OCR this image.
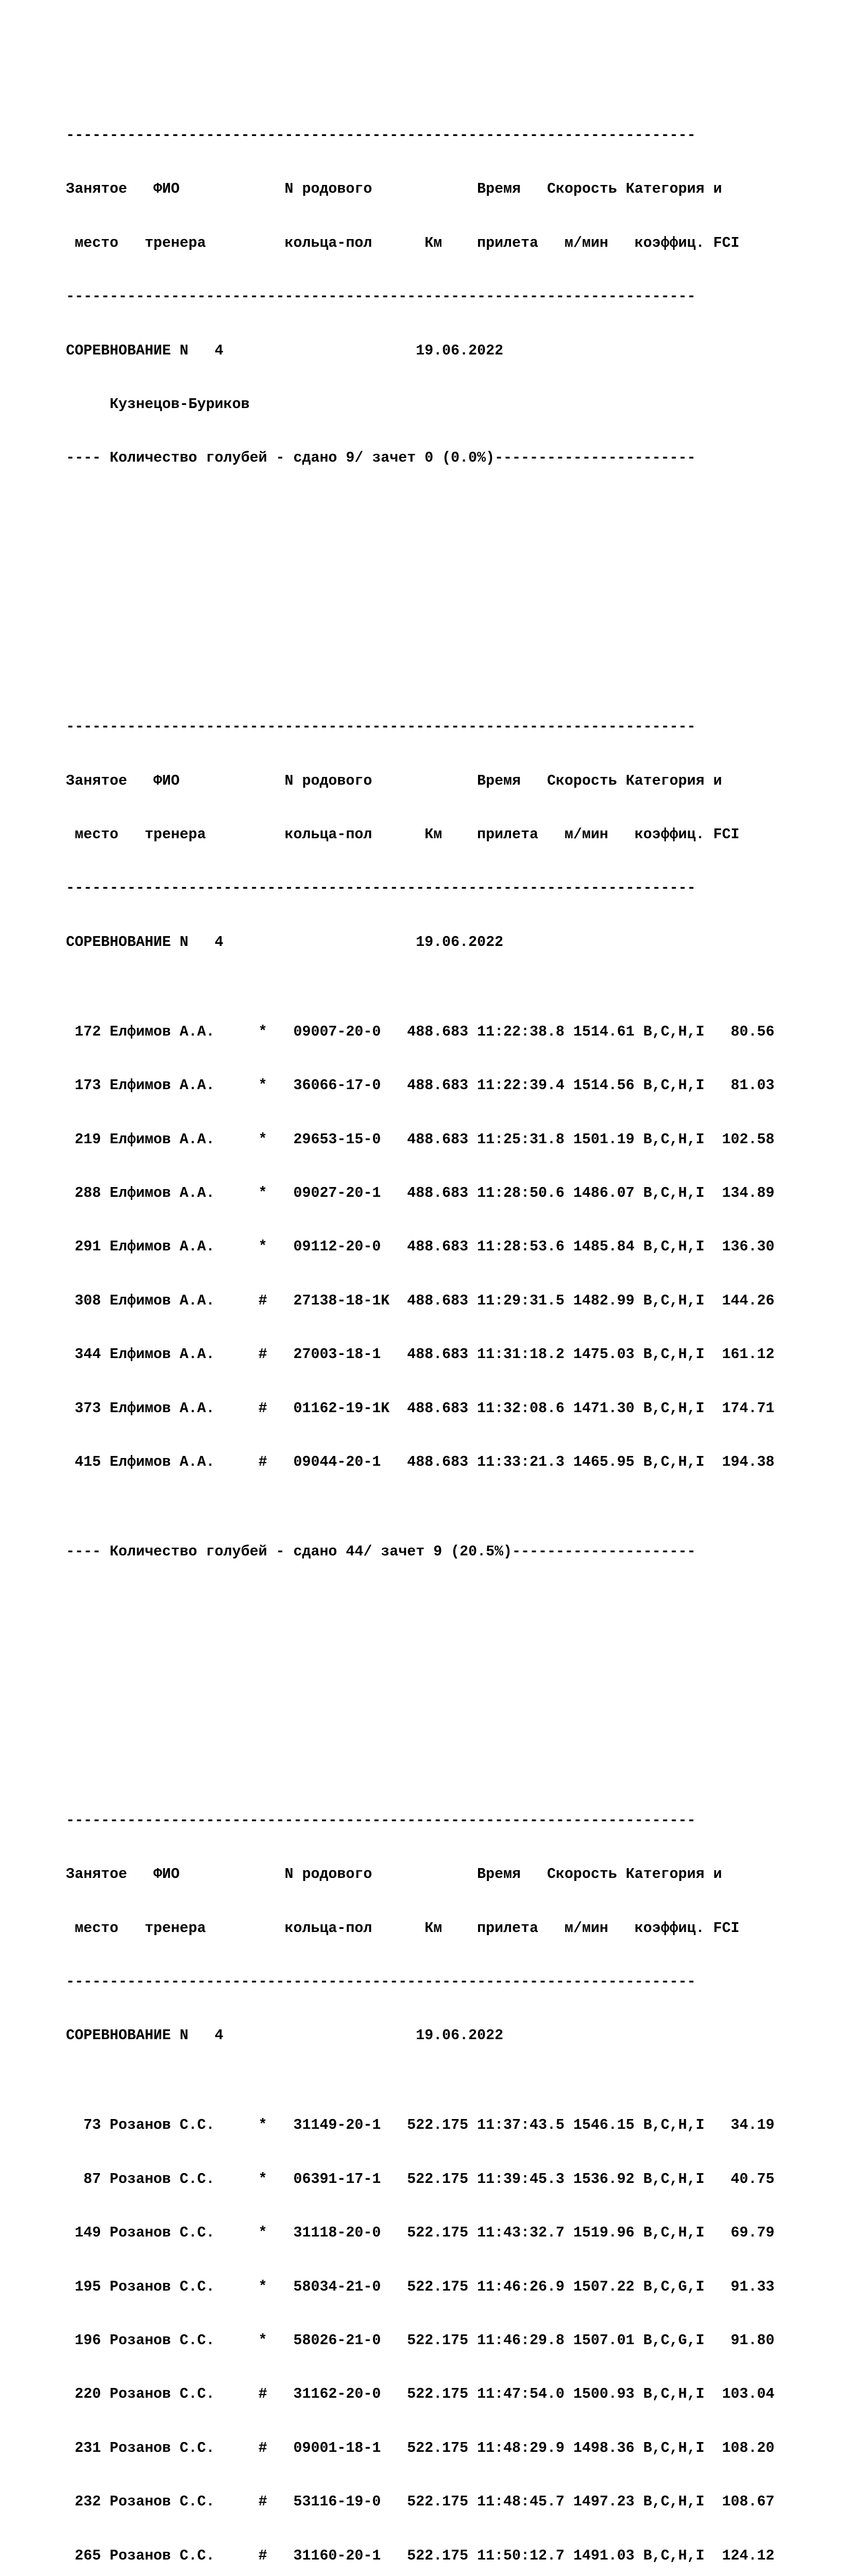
------------------------------------------------------------------------

Занятое   ФИО            N родового            Время   Скорость Категория и

место   тренера         кольца-пол      Км    прилета   м/мин   коэффиц. FCI

------------------------------------------------------------------------

СОРЕВНОВАНИЕ N   4                      19.06.2022

Кузнецов-Буриков

---- Количество голубей - сдано 9/ зачет 0 (0.0%)-----------------------

------------------------------------------------------------------------

Занятое   ФИО            N родового            Время   Скорость Категория и

место   тренера         кольца-пол      Км    прилета   м/мин   коэффиц. FCI

------------------------------------------------------------------------

СОРЕВНОВАНИЕ N   4                      19.06.2022

172 Елфимов А.А.     *   09007-20-0   488.683 11:22:38.8 1514.61 B,C,H,I   80.56

173 Елфимов А.А.     *   36066-17-0   488.683 11:22:39.4 1514.56 B,C,H,I   81.03

219 Елфимов А.А.     *   29653-15-0   488.683 11:25:31.8 1501.19 B,C,H,I  102.58

288 Елфимов А.А.     *   09027-20-1   488.683 11:28:50.6 1486.07 B,C,H,I  134.89

291 Елфимов А.А.     *   09112-20-0   488.683 11:28:53.6 1485.84 B,C,H,I  136.30

308 Елфимов А.А.     #   27138-18-1K  488.683 11:29:31.5 1482.99 B,C,H,I  144.26

344 Елфимов А.А.     #   27003-18-1   488.683 11:31:18.2 1475.03 B,C,H,I  161.12

373 Елфимов А.А.     #   01162-19-1K  488.683 11:32:08.6 1471.30 B,C,H,I  174.71

415 Елфимов А.А.     #   09044-20-1   488.683 11:33:21.3 1465.95 B,C,H,I  194.38

---- Количество голубей - сдано 44/ зачет 9 (20.5%)---------------------

------------------------------------------------------------------------

Занятое   ФИО            N родового            Время   Скорость Категория и

место   тренера         кольца-пол      Км    прилета   м/мин   коэффиц. FCI

------------------------------------------------------------------------

СОРЕВНОВАНИЕ N   4                      19.06.2022

73 Розанов С.С.     *   31149-20-1   522.175 11:37:43.5 1546.15 B,C,H,I   34.19

87 Розанов С.С.     *   06391-17-1   522.175 11:39:45.3 1536.92 B,C,H,I   40.75

149 Розанов С.С.     *   31118-20-0   522.175 11:43:32.7 1519.96 B,C,H,I   69.79

195 Розанов С.С.     *   58034-21-0   522.175 11:46:26.9 1507.22 B,C,G,I   91.33

196 Розанов С.С.     *   58026-21-0   522.175 11:46:29.8 1507.01 B,C,G,I   91.80

220 Розанов С.С.     #   31162-20-0   522.175 11:47:54.0 1500.93 B,C,H,I  103.04

231 Розанов С.С.     #   09001-18-1   522.175 11:48:29.9 1498.36 B,C,H,I  108.20

232 Розанов С.С.     #   53116-19-0   522.175 11:48:45.7 1497.23 B,C,H,I  108.67

265 Розанов С.С.     #   31160-20-1   522.175 11:50:12.7 1491.03 B,C,H,I  124.12
